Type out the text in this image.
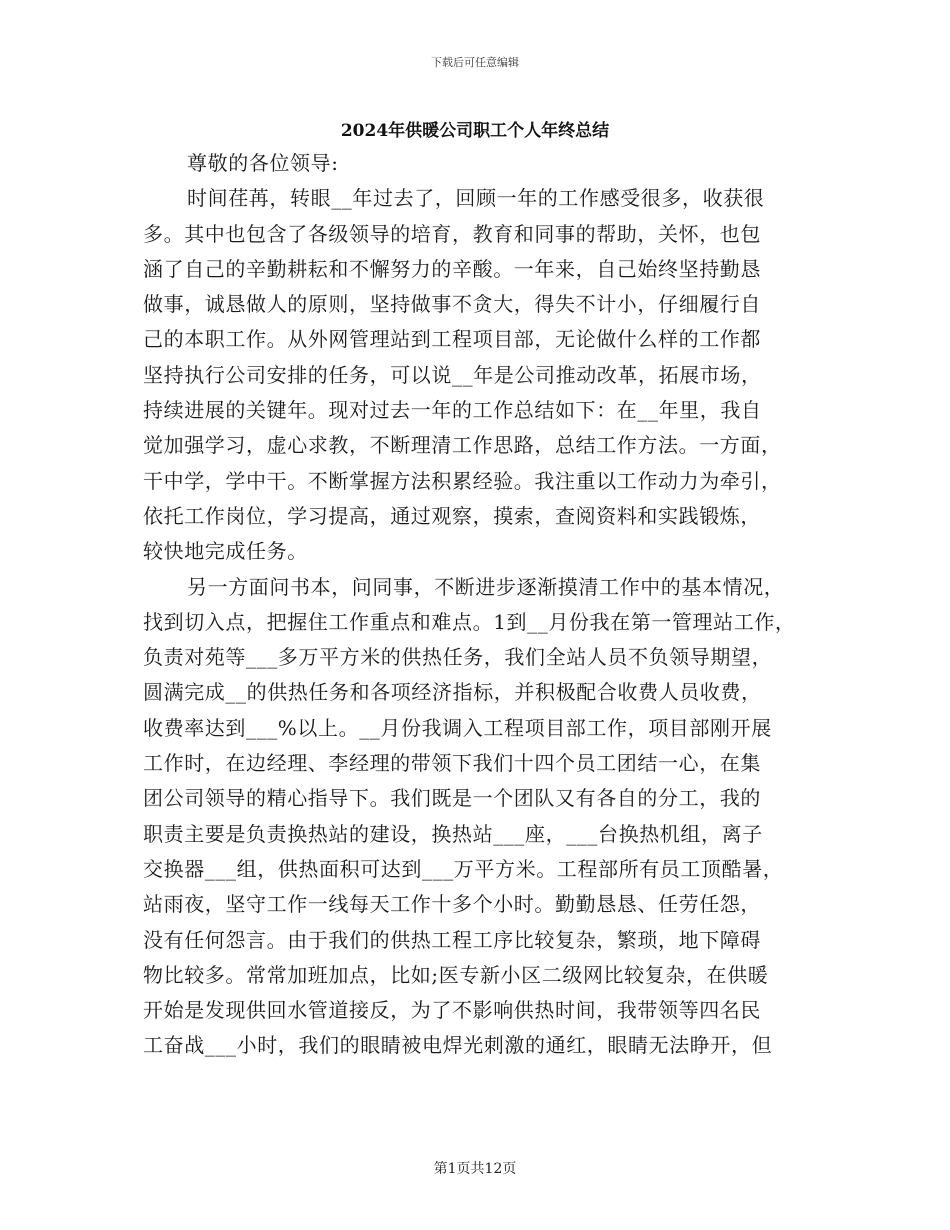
下载后可任意编辑
2024年供暖公司职工个人年终总结
尊敬的各位领导:
时间荏苒，转眼__年过去了，回顾一年的工作感受很多，收获很
多。其中也包含了各级领导的培育，教育和同事的帮助，关怀，也包
涵了自己的辛勤耕耘和不懈努力的辛酸。一年来，自己始终坚持勤恳
做事，诚恳做人的原则，坚持做事不贪大，得失不计小，仔细履行自
己的本职工作。从外网管理站到工程项目部，无论做什么样的工作都
坚持执行公司安排的任务，可以说__年是公司推动改革，拓展市场，
持续进展的关键年。现对过去一年的工作总结如下：在__年里，我自
觉加强学习，虚心求教，不断理清工作思路，总结工作方法。一方面，
干中学，学中干。不断掌握方法积累经验。我注重以工作动力为牵引，
依托工作岗位，学习提高，通过观察，摸索，查阅资料和实践锻炼，
较快地完成任务。
另一方面问书本，问同事，不断进步逐渐摸清工作中的基本情况，
找到切入点，把握住工作重点和难点。1到__月份我在第一管理站工作，
负责对苑等___多万平方米的供热任务，我们全站人员不负领导期望，
圆满完成__的供热任务和各项经济指标，并积极配合收费人员收费，
收费率达到___%以上。__月份我调入工程项目部工作，项目部刚开展
工作时，在边经理、李经理的带领下我们十四个员工团结一心，在集
团公司领导的精心指导下。我们既是一个团队又有各自的分工，我的
职责主要是负责换热站的建设，换热站___座，___台换热机组，离子
交换器___组，供热面积可达到___万平方米。工程部所有员工顶酷暑，
站雨夜，坚守工作一线每天工作十多个小时。勤勤恳恳、任劳任怨，
没有任何怨言。由于我们的供热工程工序比较复杂，繁琐，地下障碍
物比较多。常常加班加点，比如;医专新小区二级网比较复杂，在供暖
开始是发现供回水管道接反，为了不影响供热时间，我带领等四名民
工奋战___小时，我们的眼睛被电焊光刺激的通红，眼睛无法睁开，但
第1页共12页
